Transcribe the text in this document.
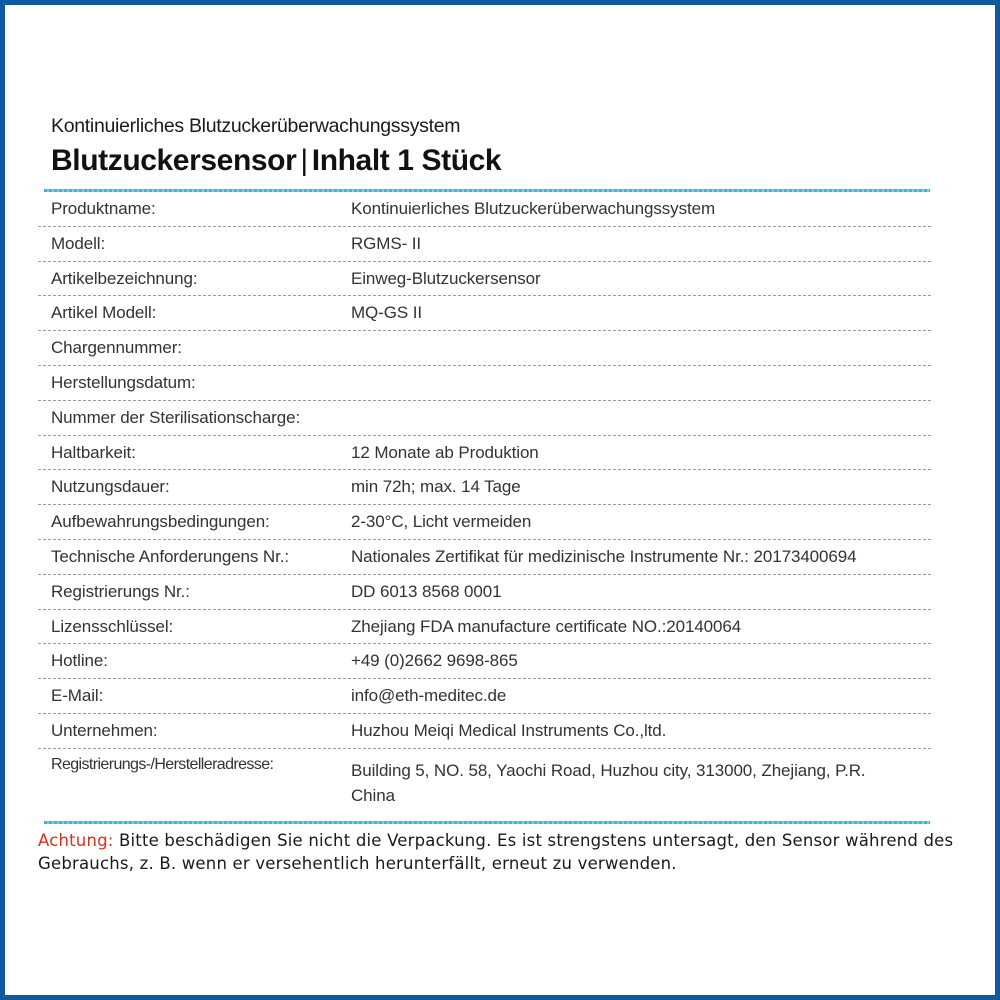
Kontinuierliches Blutzuckerüberwachungssystem
Blutzuckersensor | Inhalt 1 Stück
Produktname:	Kontinuierliches Blutzuckerüberwachungssystem
Modell:	RGMS- II
Artikelbezeichnung:	Einweg-Blutzuckersensor
Artikel Modell:	MQ-GS II
Chargennummer:
Herstellungsdatum:
Nummer der Sterilisationscharge:
Haltbarkeit:	12 Monate ab Produktion
Nutzungsdauer:	min 72h; max. 14 Tage
Aufbewahrungsbedingungen:	2-30°C, Licht vermeiden
Technische Anforderungens Nr.:	Nationales Zertifikat für medizinische Instrumente Nr.: 20173400694
Registrierungs Nr.:	DD 6013 8568 0001
Lizensschlüssel:	Zhejiang FDA manufacture certificate NO.:20140064
Hotline:	+49 (0)2662 9698-865
E-Mail:	info@eth-meditec.de
Unternehmen:	Huzhou Meiqi Medical Instruments Co.,ltd.
Registrierungs-/Herstelleradresse:	Building 5, NO. 58, Yaochi Road, Huzhou city, 313000, Zhejiang, P.R. China
Achtung: Bitte beschädigen Sie nicht die Verpackung. Es ist strengstens untersagt, den Sensor während des Gebrauchs, z. B. wenn er versehentlich herunterfällt, erneut zu verwenden.
